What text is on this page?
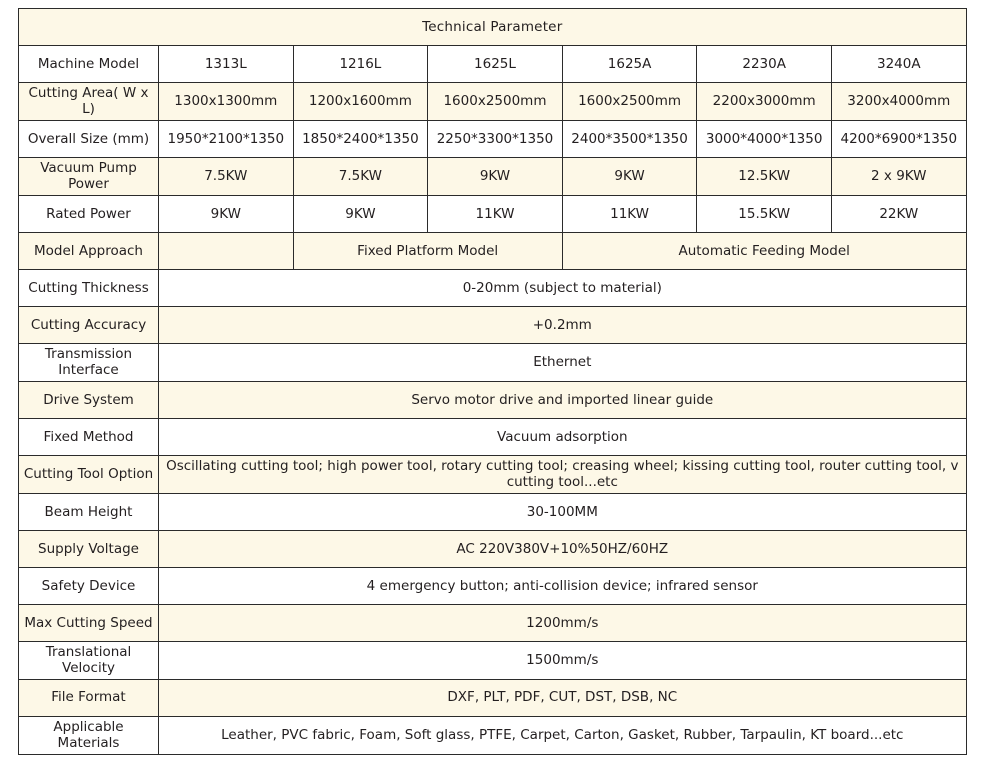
Technical Parameter						
Machine Model	1313L	1216L	1625L	1625A	2230A	3240A
Cutting Area( W x L)	1300x1300mm	1200x1600mm	1600x2500mm	1600x2500mm	2200x3000mm	3200x4000mm
Overall Size (mm)	1950*2100*1350	1850*2400*1350	2250*3300*1350	2400*3500*1350	3000*4000*1350	4200*6900*1350
Vacuum Pump Power	7.5KW	7.5KW	9KW	9KW	12.5KW	2 x 9KW
Rated Power	9KW	9KW	11KW	11KW	15.5KW	22KW
Model Approach		Fixed Platform Model		Automatic Feeding Model		
Cutting Thickness	0-20mm (subject to material)					
Cutting Accuracy	+0.2mm					
Transmission Interface	Ethernet					
Drive System	Servo motor drive and imported linear guide					
Fixed Method	Vacuum adsorption					
Cutting Tool Option	Oscillating cutting tool; high power tool, rotary cutting tool; creasing wheel; kissing cutting tool, router cutting tool, v cutting tool...etc					
Beam Height	30-100MM					
Supply Voltage	AC 220V380V+10%50HZ/60HZ					
Safety Device	4 emergency button; anti-collision device; infrared sensor					
Max Cutting Speed	1200mm/s					
Translational Velocity	1500mm/s					
File Format	DXF, PLT, PDF, CUT, DST, DSB, NC					
Applicable Materials	Leather, PVC fabric, Foam, Soft glass, PTFE, Carpet, Carton, Gasket, Rubber, Tarpaulin, KT board...etc					
